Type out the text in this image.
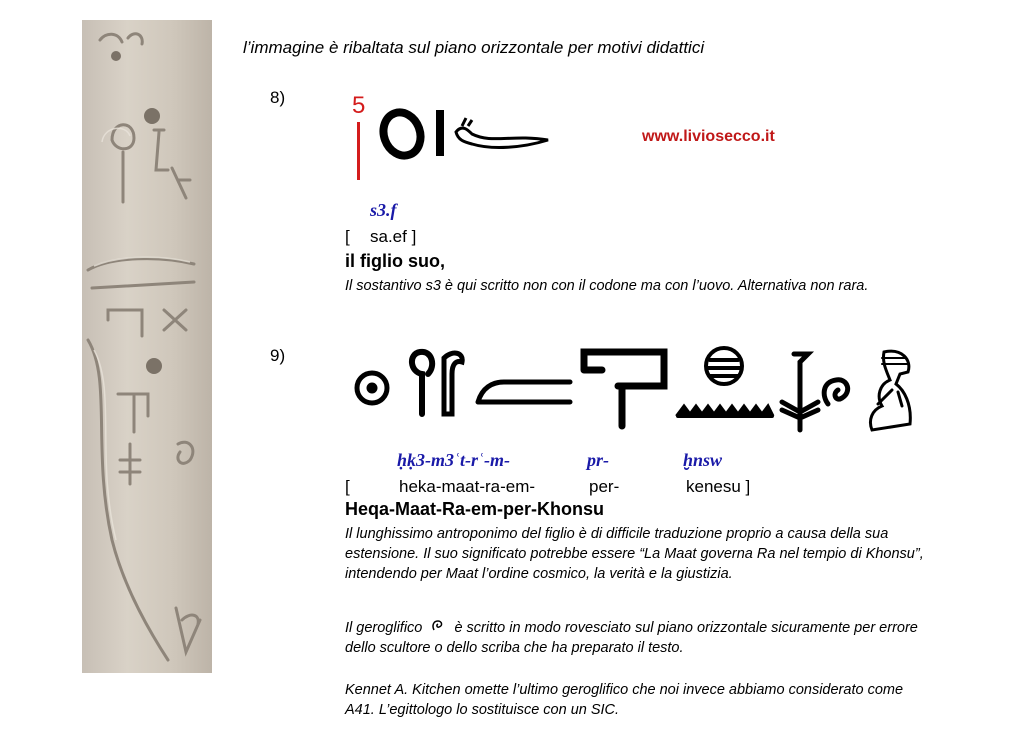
l’immagine è ribaltata sul piano orizzontale per motivi didattici
8)	5
www.liviosecco.it
s3.f
[ sa.ef ]
il figlio suo,
Il sostantivo s3 è qui scritto non con il codone ma con l’uovo. Alternativa non rara.
9)
ḥḳ3-m3ʿt-rʿ-m-	pr-	ḫnsw
[	heka-maat-ra-em-	per-	kenesu ]
Heqa-Maat-Ra-em-per-Khonsu
Il lunghissimo antroponimo del figlio è di difficile traduzione proprio a causa della sua estensione. Il suo significato potrebbe essere “La Maat governa Ra nel tempio di Khonsu”, intendendo per Maat l’ordine cosmico, la verità e la giustizia.
Il geroglifico è scritto in modo rovesciato sul piano orizzontale sicuramente per errore dello scultore o dello scriba che ha preparato il testo.
Kennet A. Kitchen omette l’ultimo geroglifico che noi invece abbiamo considerato come A41. L’egittologo lo sostituisce con un SIC.
